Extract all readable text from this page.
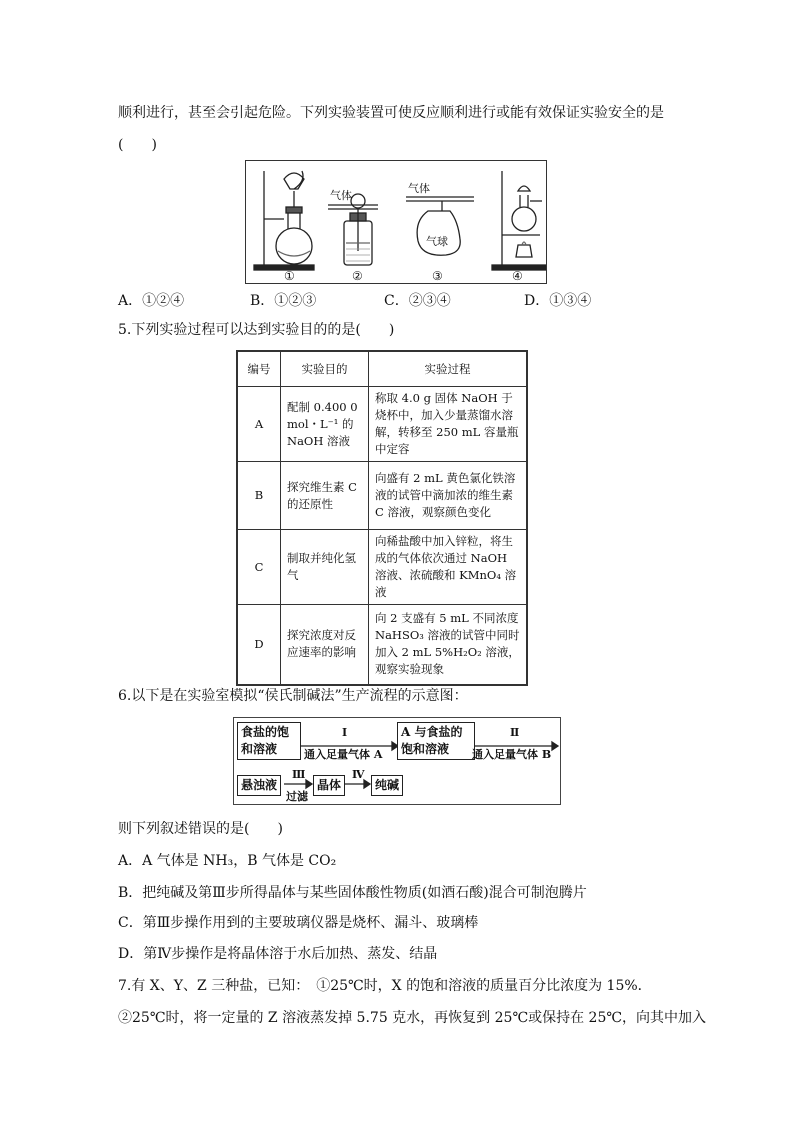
顺利进行，甚至会引起危险。下列实验装置可使反应顺利进行或能有效保证实验安全的是
(　　)
气体
气体
气球
①	②	③	④
A．①②④	B．①②③	C．②③④	D．①③④
5.下列实验过程可以达到实验目的的是(　　)
编号	实验目的	实验过程
A	配制 0.400 0 mol・L⁻¹ 的 NaOH 溶液	称取 4.0 g 固体 NaOH 于烧杯中，加入少量蒸馏水溶解，转移至 250 mL 容量瓶中定容
B	探究维生素 C 的还原性	向盛有 2 mL 黄色氯化铁溶液的试管中滴加浓的维生素 C 溶液，观察颜色变化
C	制取并纯化氢气	向稀盐酸中加入锌粒，将生成的气体依次通过 NaOH 溶液、浓硫酸和 KMnO₄ 溶液
D	探究浓度对反应速率的影响	向 2 支盛有 5 mL 不同浓度 NaHSO₃ 溶液的试管中同时加入 2 mL 5%H₂O₂ 溶液，观察实验现象
6.以下是在实验室模拟“侯氏制碱法”生产流程的示意图：
食盐的饱和溶液
Ⅰ
通入足量气体 A
A 与食盐的饱和溶液
Ⅱ
通入足量气体 B
悬浊液
Ⅲ
过滤
晶体
Ⅳ
纯碱
则下列叙述错误的是(　　)
A．A 气体是 NH₃，B 气体是 CO₂
B．把纯碱及第Ⅲ步所得晶体与某些固体酸性物质(如酒石酸)混合可制泡腾片
C．第Ⅲ步操作用到的主要玻璃仪器是烧杯、漏斗、玻璃棒
D．第Ⅳ步操作是将晶体溶于水后加热、蒸发、结晶
7.有 X、Y、Z 三种盐，已知：　①25℃时，X 的饱和溶液的质量百分比浓度为 15%．
②25℃时，将一定量的 Z 溶液蒸发掉 5.75 克水，再恢复到 25℃或保持在 25℃，向其中加入
